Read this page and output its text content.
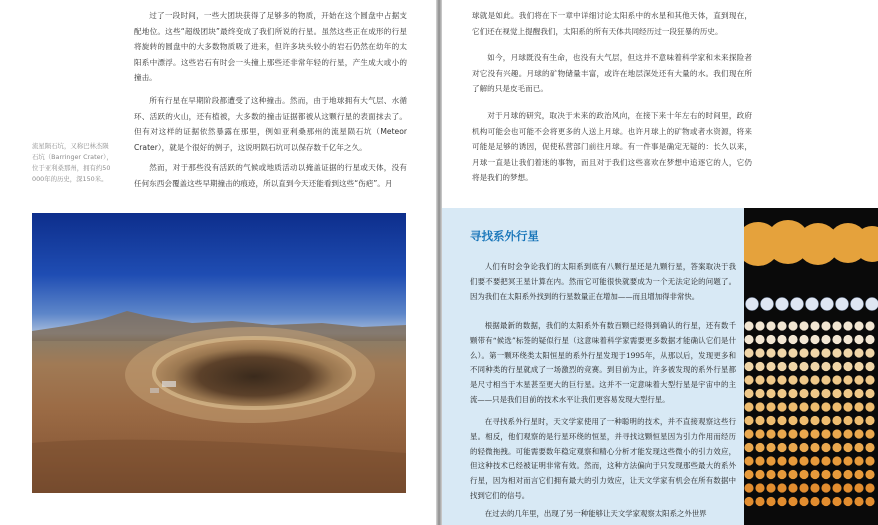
过了一段时间，一些大团块获得了足够多的物质，开始在这个圆盘中占据支配地位。这些“超级团块”最终变成了我们所说的行星。虽然这些正在成形的行星将旋转的圆盘中的大多数物质吸了进来，但许多块头较小的岩石仍然在幼年的太阳系中漂浮。这些岩石有时会一头撞上那些还非常年轻的行星，产生成大或小的撞击。

所有行星在早期阶段都遭受了这种撞击。然而，由于地球拥有大气层、水循环、活跃的火山，还有植被，大多数的撞击证据都被从这颗行星的表面抹去了。但有对这样的证据依然暴露在那里，例如亚利桑那州的流星陨石坑（Meteor Crater），就是个很好的例子，这说明陨石坑可以保存数千亿年之久。

然而，对于那些没有活跃的气候或地质活动以掩盖证据的行星或天体，没有任何东西会覆盖这些早期撞击的痕迹，所以直到今天还能看到这些“伤疤”。月

流星陨石坑，又称巴林杰陨石坑（Barringer Crater），位于亚利桑那州，拥有约50 000年的历史，深150米。

球就是如此。我们将在下一章中详细讨论太阳系中的水星和其他天体，直到现在，它们还在视觉上提醒我们，太阳系的所有天体共同经历过一段狂暴的历史。

如今，月球既没有生命，也没有大气层，但这并不意味着科学家和未来探险者对它没有兴趣。月球的矿物储量丰富，或许在地层深处还有大量的水。我们现在所了解的只是皮毛而已。

对于月球的研究，取决于未来的政治风向，在接下来十年左右的时间里，政府机构可能会也可能不会将更多的人送上月球。也许月球上的矿物或者水资源，将来可能是足够的诱因，促使私营部门前往月球。有一件事是确定无疑的：长久以来，月球一直是让我们着迷的事物，而且对于我们这些喜欢在梦想中追逐它的人，它仍将是我们的梦想。

寻找系外行星

人们有时会争论我们的太阳系到底有八颗行星还是九颗行星，答案取决于我们要不要把冥王星计算在内。然而它可能很快就要成为一个无法定论的问题了。因为我们在太阳系外找到的行星数量正在增加——而且增加得非常快。

根据最新的数据，我们的太阳系外有数百颗已经得到确认的行星，还有数千颗带有“候选”标签的疑似行星（这意味着科学家需要更多数据才能确认它们是什么）。第一颗环绕类太阳恒星的系外行星发现于1995年，从那以后，发现更多和不同种类的行星就成了一场激烈的竞赛。到目前为止，许多被发现的系外行星都是尺寸相当于木星甚至更大的巨行星。这并不一定意味着大型行星是宇宙中的主流——只是我们目前的技术水平让我们更容易发现大型行星。

在寻找系外行星时，天文学家使用了一种聪明的技术，并不直接观察这些行星。相反，他们观察的是行星环绕的恒星，并寻找这颗恒星因为引力作用而经历的轻微拖拽。可能需要数年稳定观察和精心分析才能发现这些微小的引力效应，但这种技术已经被证明非常有效。然而，这种方法偏向于只发现那些最大的系外行星，因为相对而言它们拥有最大的引力效应，让天文学家有机会在所有数据中找到它们的信号。

在过去的几年里，出现了另一种能够让天文学家观察太阳系之外世界
